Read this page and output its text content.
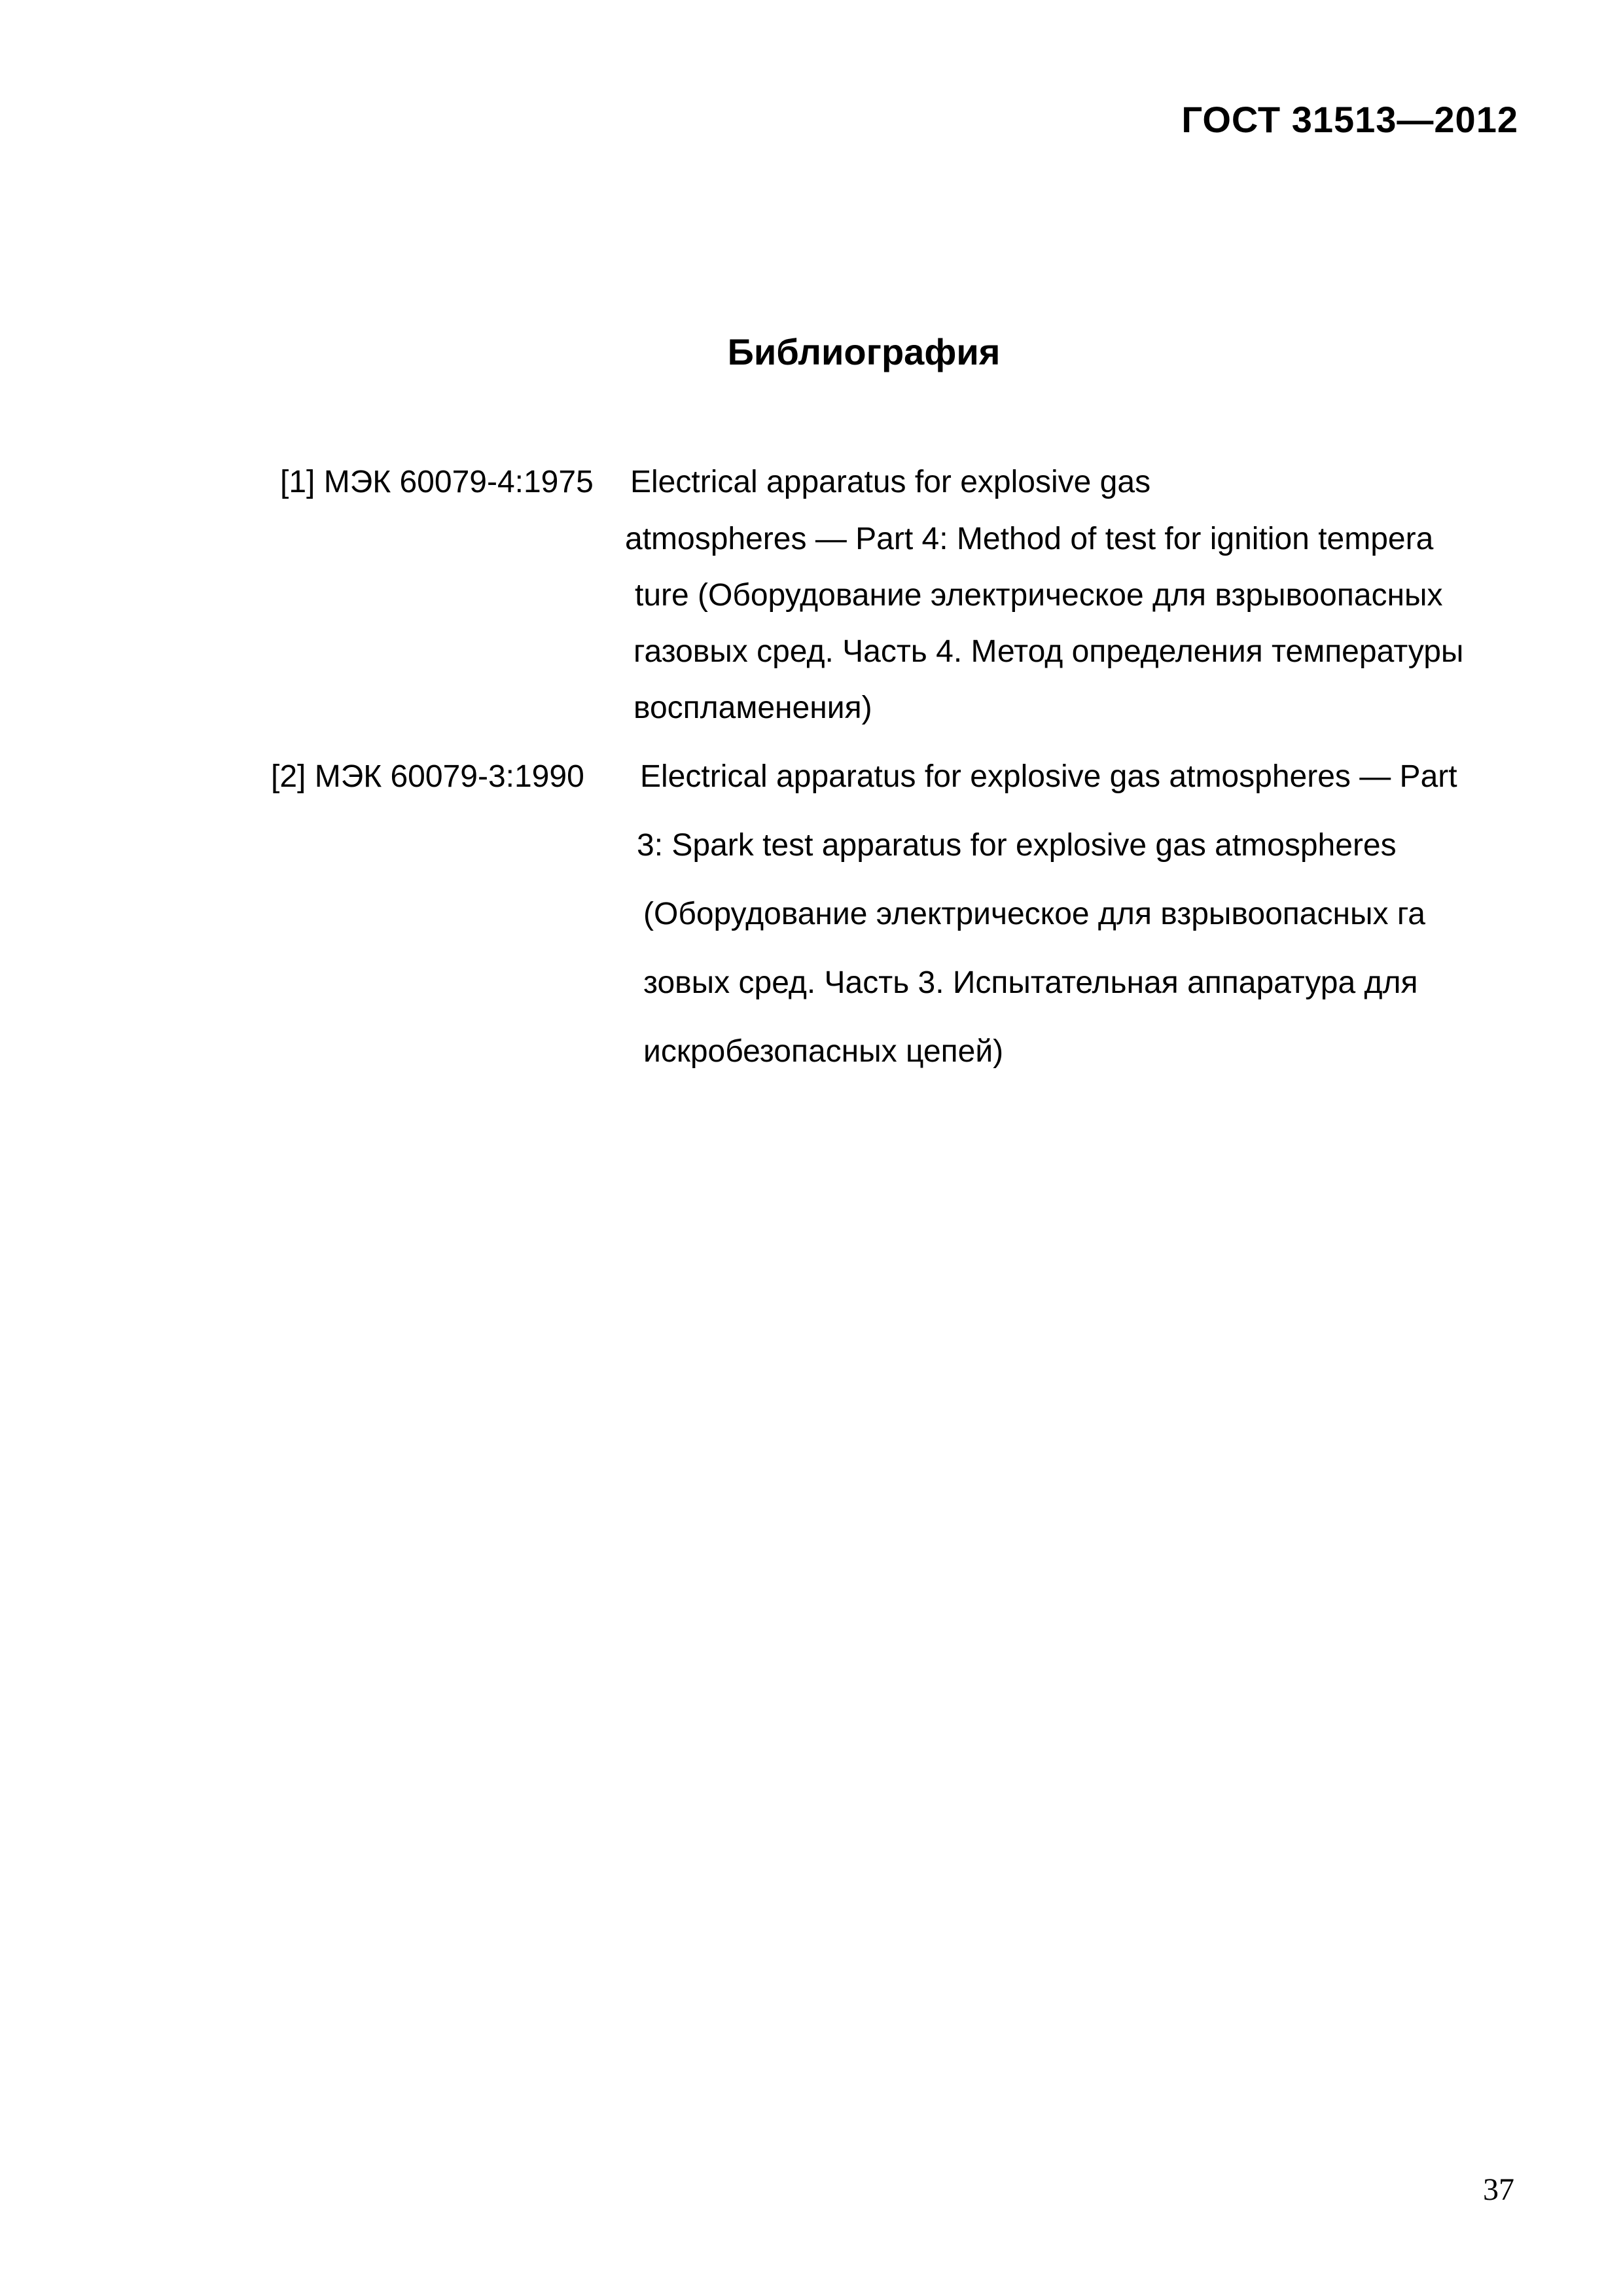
ГОСТ 31513—2012
Библиография
[1] МЭК 60079-4:1975 Electrical apparatus for explosive gas
atmospheres — Part 4: Method of test for ignition tempera
ture (Оборудование электрическое для взрывоопасных
газовых сред. Часть 4. Метод определения температуры
воспламенения)
[2] МЭК 60079-3:1990 Electrical apparatus for explosive gas atmospheres — Part
3: Spark test apparatus for explosive gas atmospheres
(Оборудование электрическое для взрывоопасных га
зовых сред. Часть 3. Испытательная аппаратура для
искробезопасных цепей)
37
